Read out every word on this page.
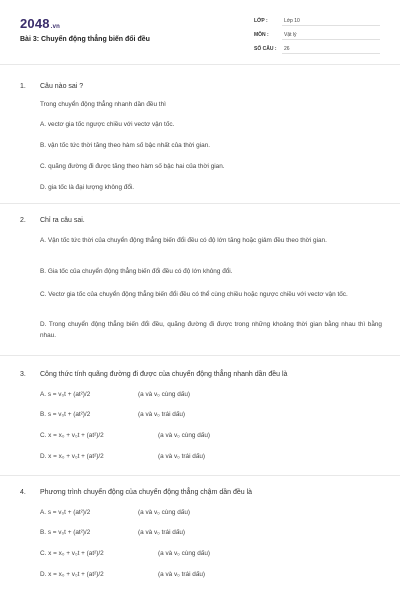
2048.vn
Bài 3: Chuyển động thẳng biến đổi đều
LỚP :	Lớp 10
MÔN :	Vật lý
SỐ CÂU : 26
1. Câu nào sai ?
Trong chuyển động thẳng nhanh dần đều thì
A. vectơ gia tốc ngược chiều với vectơ vận tốc.
B. vận tốc tức thời tăng theo hàm số bậc nhất của thời gian.
C. quãng đường đi được tăng theo hàm số bậc hai của thời gian.
D. gia tốc là đại lượng không đổi.
2. Chỉ ra câu sai.
A. Vận tốc tức thời của chuyển động thẳng biến đổi đều có độ lớn tăng hoặc giảm đều theo thời gian.
B. Gia tốc của chuyển động thẳng biến đổi đều có độ lớn không đổi.
C. Vectơ gia tốc của chuyển động thẳng biến đổi đều có thể cùng chiều hoặc ngược chiều với vectơ vận tốc.
D. Trong chuyển động thẳng biến đổi đều, quãng đường đi được trong những khoảng thời gian bằng nhau thì bằng nhau.
3. Công thức tính quãng đường đi được của chuyển động thẳng nhanh dần đều là
A. s = v₀t + (at²)/2	(a và v₀ cùng dấu)
B. s = v₀t + (at²)/2	(a và v₀ trái dấu)
C. x = x₀ + v₀t + (at²)/2	(a và v₀ cùng dấu)
D. x = x₀ + v₀t + (at²)/2	(a và v₀ trái dấu)
4. Phương trình chuyển động của chuyển động thẳng chậm dần đều là
A. s = v₀t + (at²)/2	(a và v₀ cùng dấu)
B. s = v₀t + (at²)/2	(a và v₀ trái dấu)
C. x = x₀ + v₀t + (at²)/2	(a và v₀ cùng dấu)
D. x = x₀ + v₀t + (at²)/2	(a và v₀ trái dấu)
